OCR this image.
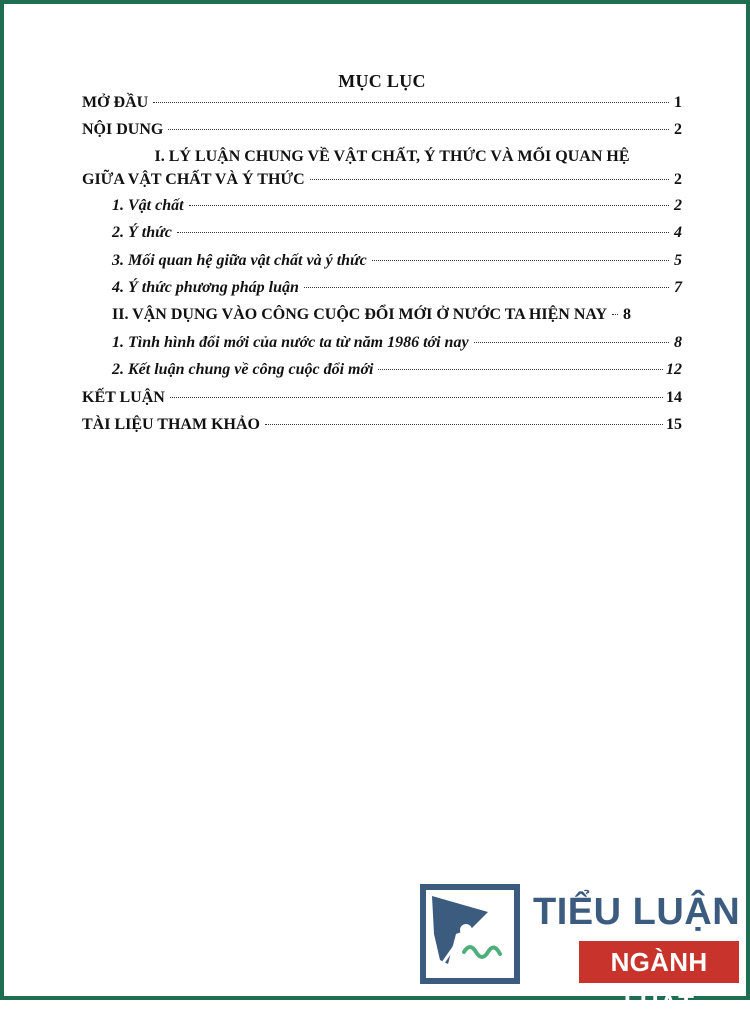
MỤC LỤC
MỞ ĐẦU	1
NỘI DUNG	2
I. LÝ LUẬN CHUNG VỀ VẬT CHẤT, Ý THỨC VÀ MỐI QUAN HỆ
GIỮA VẬT CHẤT VÀ Ý THỨC	2
1. Vật chất	2
2. Ý thức	4
3. Mối quan hệ giữa vật chất và ý thức	5
4. Ý thức phương pháp luận	7
II. VẬN DỤNG VÀO CÔNG CUỘC ĐỔI MỚI Ở NƯỚC TA HIỆN NAY 8
1. Tình hình đổi mới của nước ta từ năm 1986 tới nay	8
2. Kết luận chung về công cuộc đổi mới	12
KẾT LUẬN	14
TÀI LIỆU THAM KHẢO	15
TIỂU LUẬN
NGÀNH LUẬT
